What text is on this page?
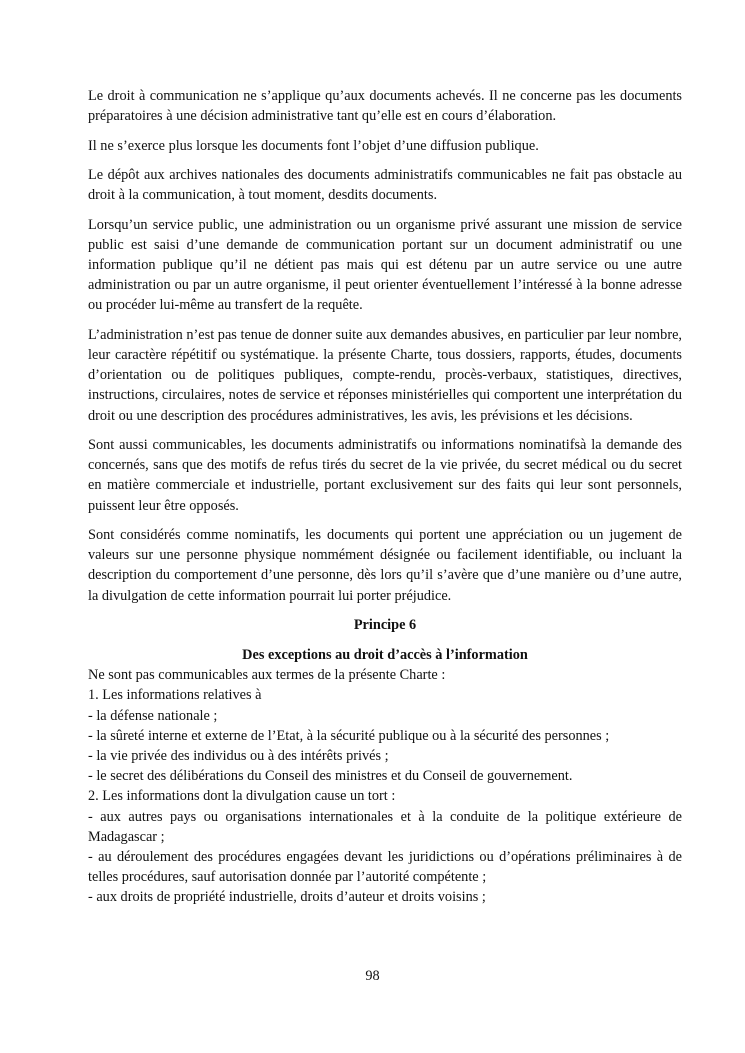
Le droit à communication ne s’applique qu’aux documents achevés. Il ne concerne pas les documents préparatoires à une décision administrative tant qu’elle est en cours d’élaboration.

Il ne s’exerce plus lorsque les documents font l’objet d’une diffusion publique.

Le dépôt aux archives nationales des documents administratifs communicables ne fait pas obstacle au droit à la communication, à tout moment, desdits documents.

Lorsqu’un service public, une administration ou un organisme privé assurant une mission de service public est saisi d’une demande de communication portant sur un document administratif ou une information publique qu’il ne détient pas mais qui est détenu par un autre service ou une autre administration ou par un autre organisme, il peut orienter éventuellement l’intéressé à la bonne adresse ou procéder lui-même au transfert de la requête.

L’administration n’est pas tenue de donner suite aux demandes abusives, en particulier par leur nombre, leur caractère répétitif ou systématique. la présente Charte, tous dossiers, rapports, études, documents d’orientation ou de politiques publiques, compte-rendu, procès-verbaux, statistiques, directives, instructions, circulaires, notes de service et réponses ministérielles qui comportent une interprétation du droit ou une description des procédures administratives, les avis, les prévisions et les décisions.

Sont aussi communicables, les documents administratifs ou informations nominatifsà la demande des concernés, sans que des motifs de refus tirés du secret de la vie privée, du secret médical ou du secret en matière commerciale et industrielle, portant exclusivement sur des faits qui leur sont personnels, puissent leur être opposés.

Sont considérés comme nominatifs, les documents qui portent une appréciation ou un jugement de valeurs sur une personne physique nommément désignée ou facilement identifiable, ou incluant la description du comportement d’une personne, dès lors qu’il s’avère que d’une manière ou d’une autre, la divulgation de cette information pourrait lui porter préjudice.

Principe 6

Des exceptions au droit d’accès à l’information

Ne sont pas communicables aux termes de la présente Charte :

1. Les informations relatives à

- la défense nationale ;

- la sûreté interne et externe de l’Etat, à la sécurité publique ou à la sécurité des personnes ;

- la vie privée des individus ou à des intérêts privés ;

- le secret des délibérations du Conseil des ministres et du Conseil de gouvernement.

2. Les informations dont la divulgation cause un tort :

- aux autres pays ou organisations internationales et à la conduite de la politique extérieure de Madagascar ;

- au déroulement des procédures engagées devant les juridictions ou d’opérations préliminaires à de telles procédures, sauf autorisation donnée par l’autorité compétente ;

- aux droits de propriété industrielle, droits d’auteur et droits voisins ;

98
